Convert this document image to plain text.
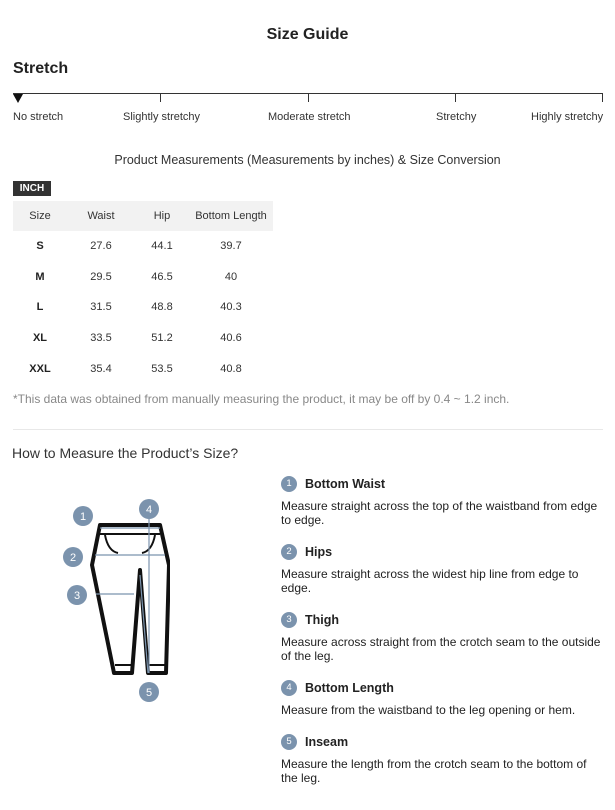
Size Guide
Stretch
No stretch	Slightly stretchy	Moderate stretch	Stretchy	Highly stretchy
Product Measurements (Measurements by inches) & Size Conversion
INCH
Size	Waist	Hip	Bottom Length
S	27.6	44.1	39.7
M	29.5	46.5	40
L	31.5	48.8	40.3
XL	33.5	51.2	40.6
XXL	35.4	53.5	40.8
*This data was obtained from manually measuring the product, it may be off by 0.4 ~ 1.2 inch.
How to Measure the Product’s Size?
1
2
3
4
5
1	Bottom Waist
Measure straight across the top of the waistband from edge to edge.
2	Hips
Measure straight across the widest hip line from edge to edge.
3	Thigh
Measure across straight from the crotch seam to the outside of the leg.
4	Bottom Length
Measure from the waistband to the leg opening or hem.
5	Inseam
Measure the length from the crotch seam to the bottom of the leg.
